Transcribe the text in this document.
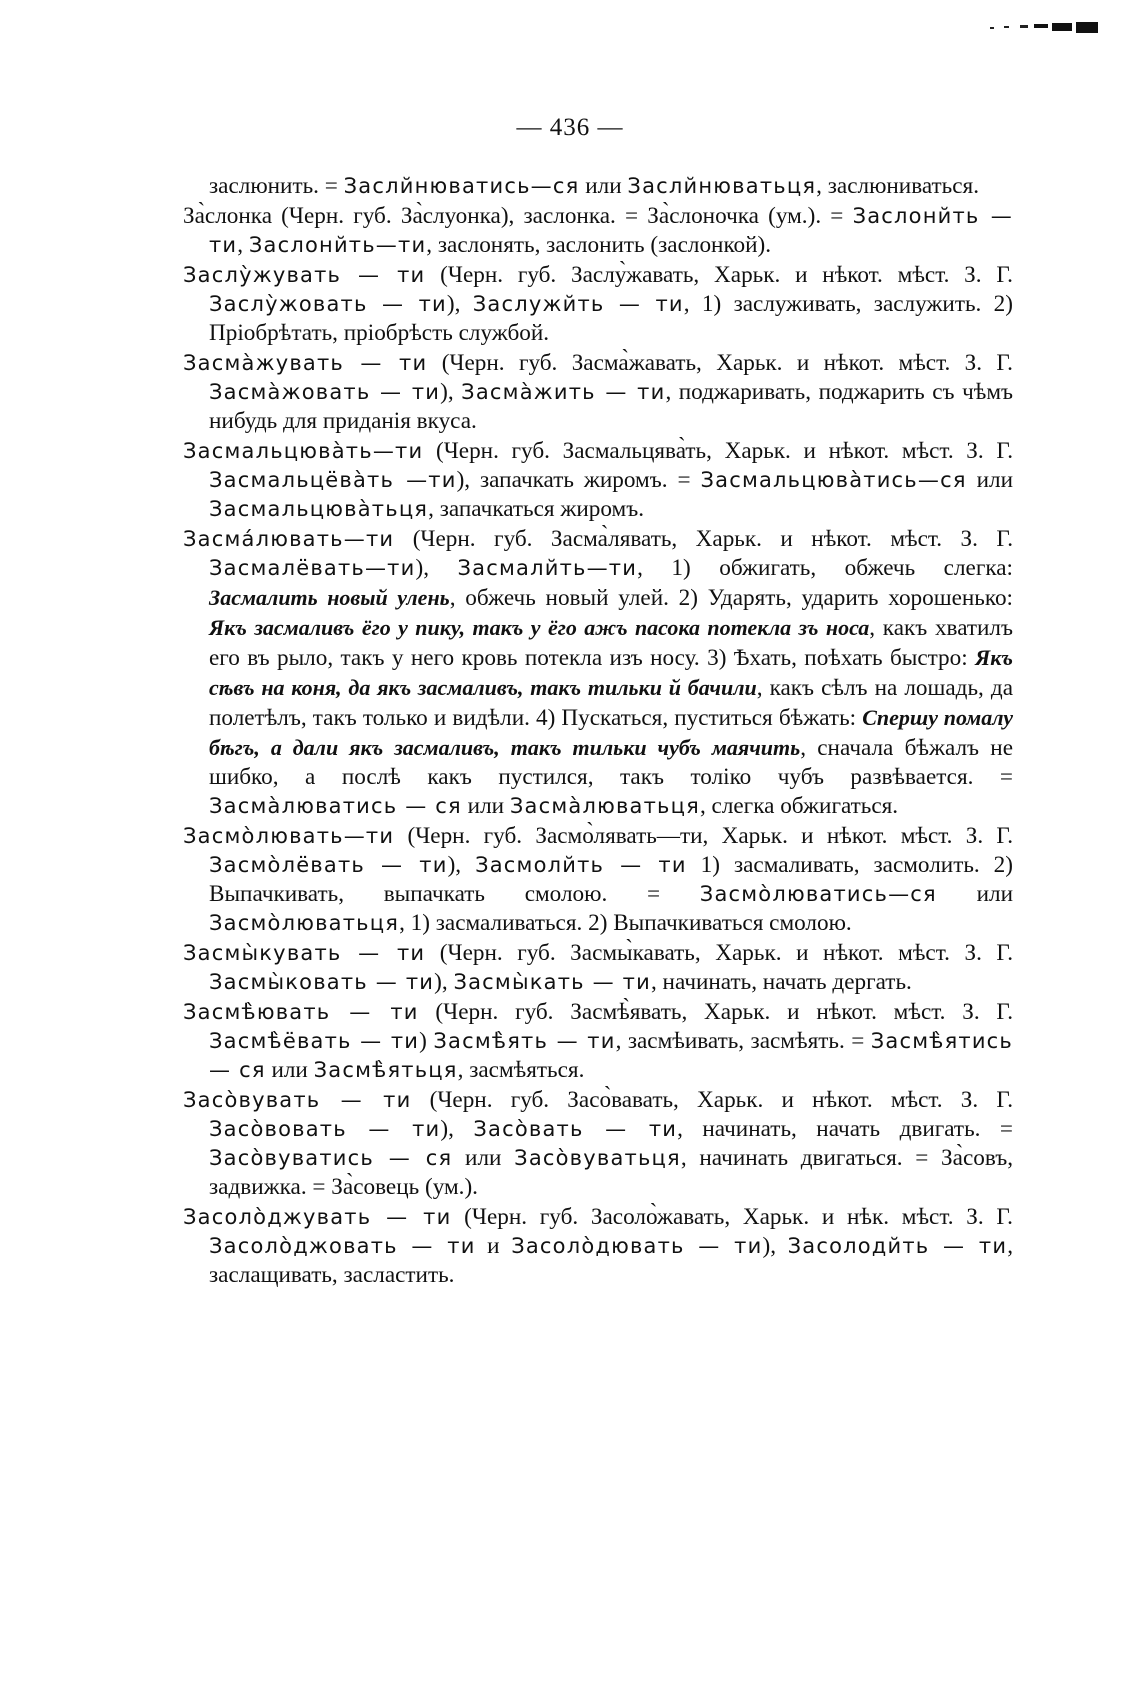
— 436 —

заслюнить. = Заслйнюватись—ся или Заслйнюватьця, заслюниваться.

За̀слонка (Черн. губ. За̀слуонка), заслонка. = За̀слоночка (ум.). = Заслонйть — ти, Заслонйть—ти, заслонять, заслонить (заслонкой).

Заслу̀жувать — ти (Черн. губ. Заслу̀жавать, Харьк. и нѣкот. мѣст. З. Г. Заслу̀жовать — ти), Заслужйть — ти, 1) заслуживать, заслужить. 2) Пріобрѣтать, пріобрѣсть службой.

Засма̀жувать — ти (Черн. губ. Засма̀жавать, Харьк. и нѣкот. мѣст. З. Г. Засма̀жовать — ти), Засма̀жить — ти, поджаривать, поджарить съ чѣмъ нибудь для приданія вкуса.

Засмальцюва̀ть—ти (Черн. губ. Засмальцява̀ть, Харьк. и нѣкот. мѣст. З. Г. Засмальцёва̀ть —ти), запачкать жиромъ. = Засмальцюва̀тись—ся или Засмальцюва̀тьця, запачкаться жиромъ.

Засма́лювать—ти (Черн. губ. Засма̀лявать, Харьк. и нѣкот. мѣст. З. Г. Засмалёвать—ти), Засмалйть—ти, 1) обжигать, обжечь слегка: Засмалить новый улень, обжечь новый улей. 2) Ударять, ударить хорошенько: Якъ засмаливъ ёго у пику, такъ у ёго ажъ пасока потекла зъ носа, какъ хватилъ его въ рыло, такъ у него кровь потекла изъ носу. 3) Ѣхать, поѣхать быстро: Якъ сѣвъ на коня, да якъ засмаливъ, такъ тильки й бачили, какъ сѣлъ на лошадь, да полетѣлъ, такъ только и видѣли. 4) Пускаться, пуститься бѣжать: Спершу помалу бѣгъ, а дали якъ засмаливъ, такъ тильки чубъ маячить, сначала бѣжалъ не шибко, а послѣ какъ пустился, такъ толіко чубъ развѣвается. = Засма̀люватись — ся или Засма̀люватьця, слегка обжигаться.

Засмо̀лювать—ти (Черн. губ. Засмо̀лявать—ти, Харьк. и нѣкот. мѣст. З. Г. Засмо̀лёвать — ти), Засмолйть — ти 1) засмаливать, засмолить. 2) Выпачкивать, выпачкать смолою. = Засмо̀люватись—ся или Засмо̀люватьця, 1) засмаливаться. 2) Выпачкиваться смолою.

Засмы̀кувать — ти (Черн. губ. Засмы̀кавать, Харьк. и нѣкот. мѣст. З. Г. Засмы̀ковать — ти), Засмы̀кать — ти, начинать, начать дергать.

Засмѣ̀ювать — ти (Черн. губ. Засмѣ̀явать, Харьк. и нѣкот. мѣст. З. Г. Засмѣ̀ёвать — ти) Засмѣ̀ять — ти, засмѣивать, засмѣять. = Засмѣ̀ятись — ся или Засмѣ̀ятьця, засмѣяться.

Засо̀вувать — ти (Черн. губ. Засо̀вавать, Харьк. и нѣкот. мѣст. З. Г. Засо̀вовать — ти), Засо̀вать — ти, начинать, начать двигать. = Засо̀вуватись — ся или Засо̀вуватьця, начинать двигаться. = За̀совъ, задвижка. = За̀совець (ум.).

Засоло̀джувать — ти (Черн. губ. Засоло̀жавать, Харьк. и нѣк. мѣст. З. Г. Засоло̀джовать — ти и Засоло̀дювать — ти), Засолодйть — ти, заслащивать, засластить.
